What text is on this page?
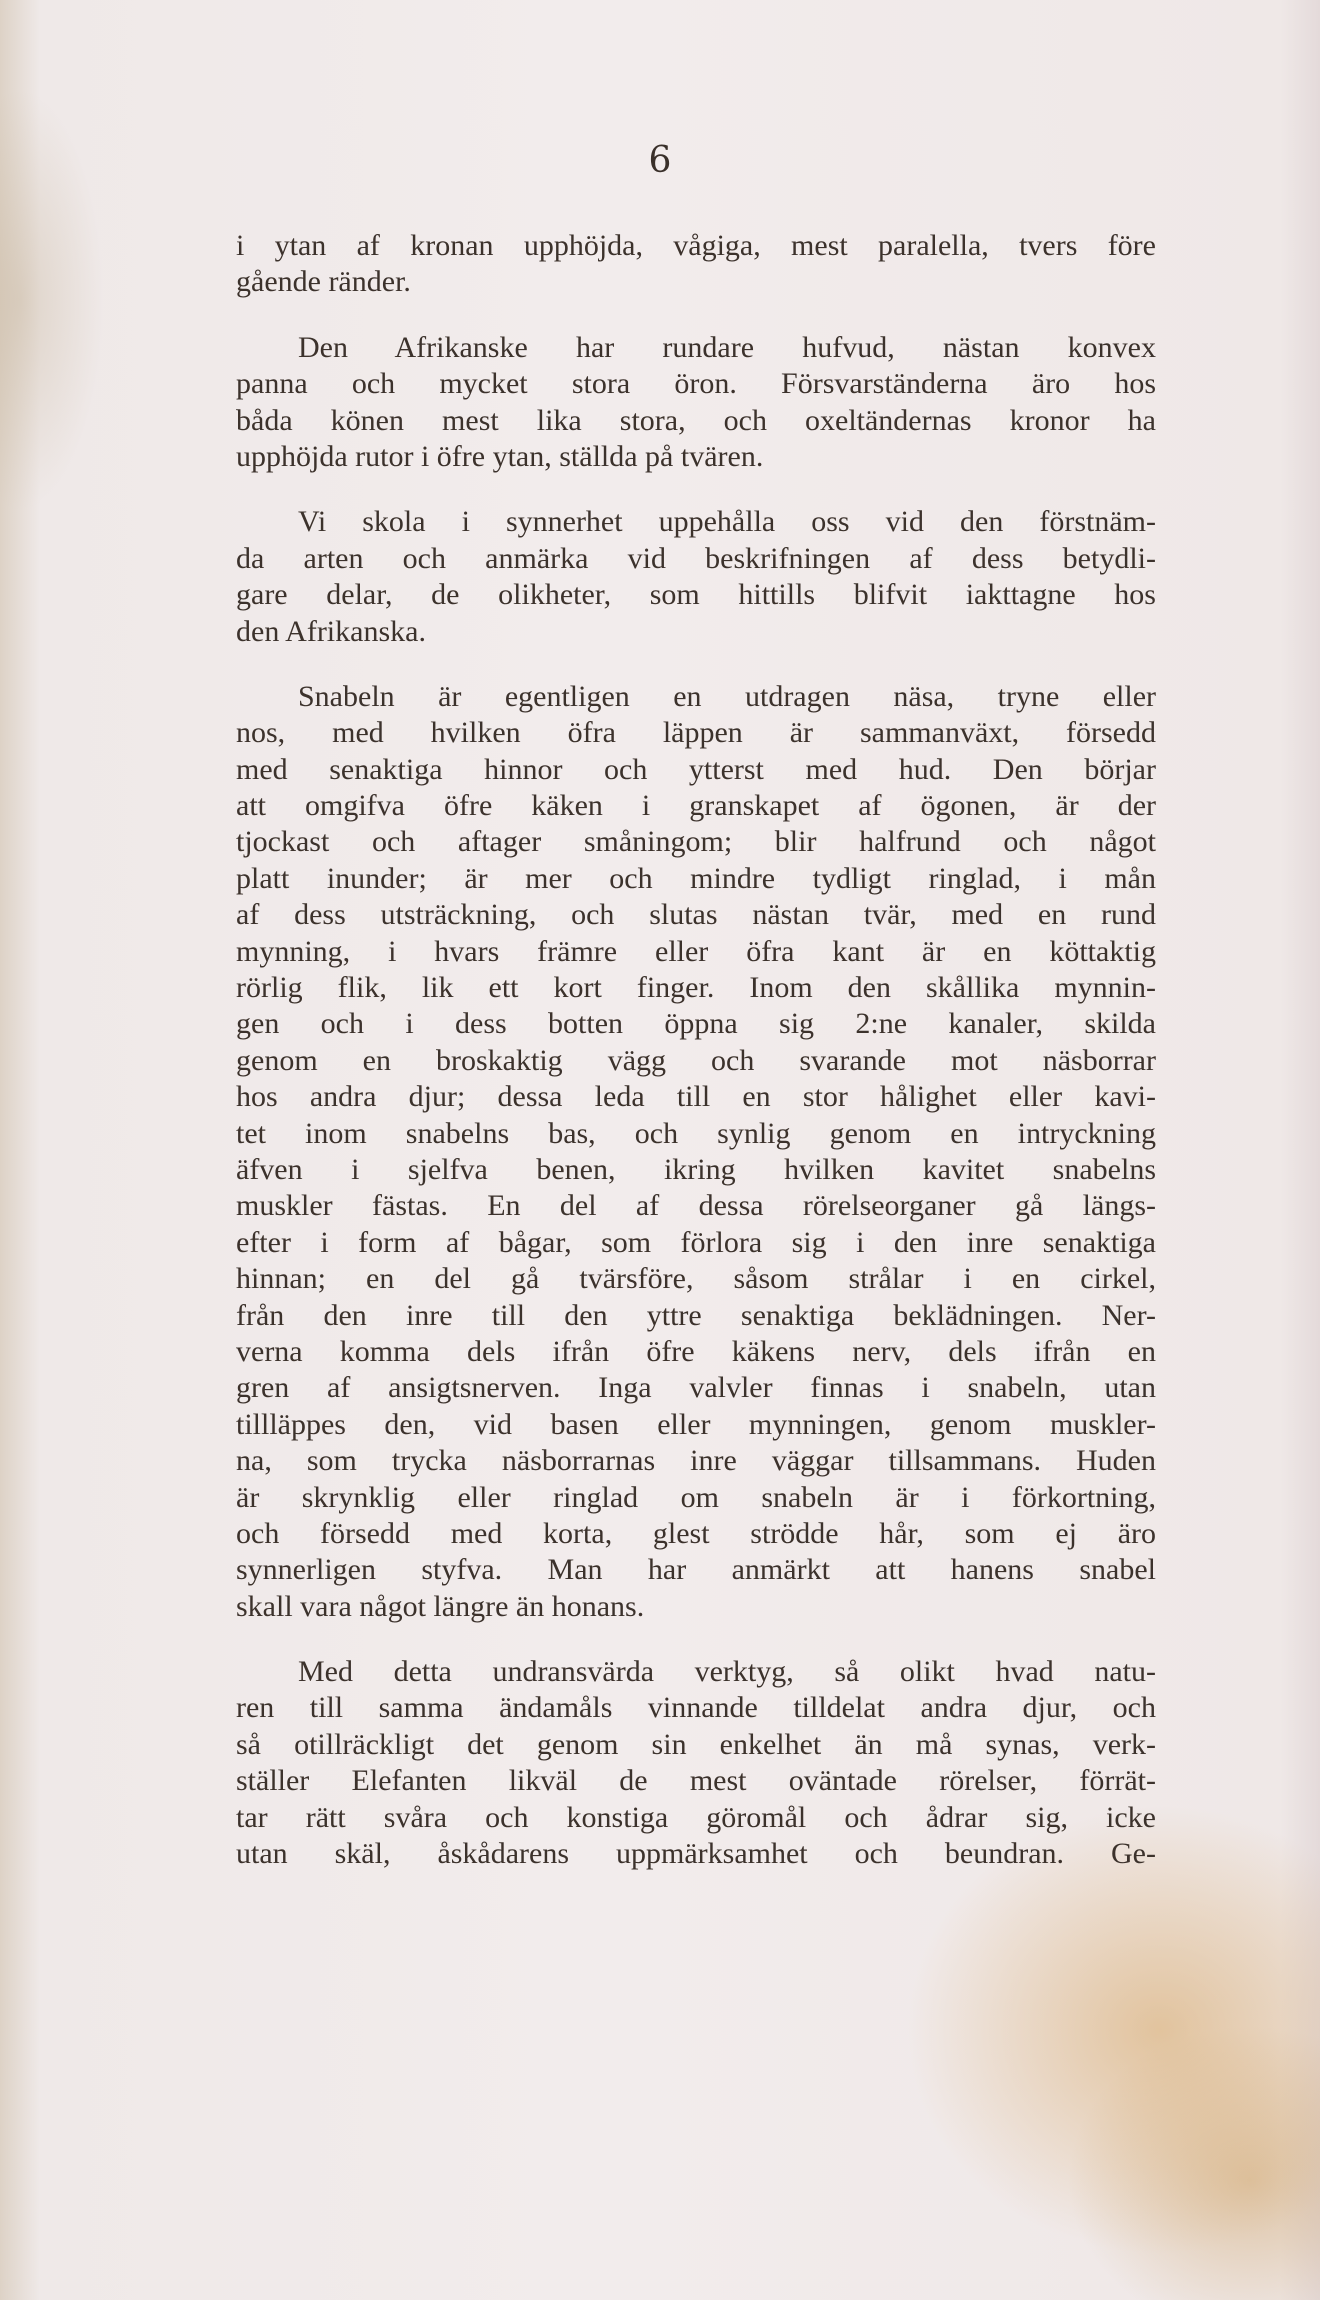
6
i ytan af kronan upphöjda, vågiga, mest paralella, tvers före
gående ränder.
Den Afrikanske har rundare hufvud, nästan konvex
panna och mycket stora öron. Försvarständerna äro hos
båda könen mest lika stora, och oxeltändernas kronor ha
upphöjda rutor i öfre ytan, ställda på tvären.
Vi skola i synnerhet uppehålla oss vid den förstnäm-
da arten och anmärka vid beskrifningen af dess betydli-
gare delar, de olikheter, som hittills blifvit iakttagne hos
den Afrikanska.
Snabeln är egentligen en utdragen näsa, tryne eller
nos, med hvilken öfra läppen är sammanväxt, försedd
med senaktiga hinnor och ytterst med hud. Den börjar
att omgifva öfre käken i granskapet af ögonen, är der
tjockast och aftager småningom; blir halfrund och något
platt inunder; är mer och mindre tydligt ringlad, i mån
af dess utsträckning, och slutas nästan tvär, med en rund
mynning, i hvars främre eller öfra kant är en köttaktig
rörlig flik, lik ett kort finger. Inom den skållika mynnin-
gen och i dess botten öppna sig 2:ne kanaler, skilda
genom en broskaktig vägg och svarande mot näsborrar
hos andra djur; dessa leda till en stor hålighet eller kavi-
tet inom snabelns bas, och synlig genom en intryckning
äfven i sjelfva benen, ikring hvilken kavitet snabelns
muskler fästas. En del af dessa rörelseorganer gå längs-
efter i form af bågar, som förlora sig i den inre senaktiga
hinnan; en del gå tvärsföre, såsom strålar i en cirkel,
från den inre till den yttre senaktiga beklädningen. Ner-
verna komma dels ifrån öfre käkens nerv, dels ifrån en
gren af ansigtsnerven. Inga valvler finnas i snabeln, utan
tillläppes den, vid basen eller mynningen, genom muskler-
na, som trycka näsborrarnas inre väggar tillsammans. Huden
är skrynklig eller ringlad om snabeln är i förkortning,
och försedd med korta, glest strödde hår, som ej äro
synnerligen styfva. Man har anmärkt att hanens snabel
skall vara något längre än honans.
Med detta undransvärda verktyg, så olikt hvad natu-
ren till samma ändamåls vinnande tilldelat andra djur, och
så otillräckligt det genom sin enkelhet än må synas, verk-
ställer Elefanten likväl de mest oväntade rörelser, förrät-
tar rätt svåra och konstiga göromål och ådrar sig, icke
utan skäl, åskådarens uppmärksamhet och beundran. Ge-
